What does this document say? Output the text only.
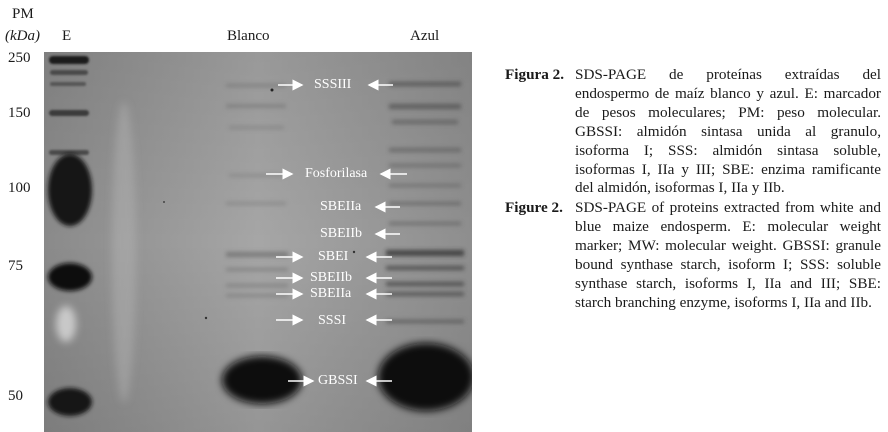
PM
(kDa) E	Blanco	Azul
250
150
100
75
50
SSSIII
Fosforilasa
SBEIIa
SBEIIb
SBEI
SBEIIb
SBEIIa
SSSI
GBSSI
Figura 2. SDS-PAGE de proteínas extraídas del endospermo de maíz blanco y azul. E: marcador de pesos moleculares; PM: peso molecular. GBSSI: almidón sintasa unida al granulo, isoforma I; SSS: almidón sintasa soluble, isoformas I, IIa y III; SBE: enzima ramificante del almidón, isoformas I, IIa y IIb.
Figure 2. SDS-PAGE of proteins extracted from white and blue maize endosperm. E: molecular weight marker; MW: molecular weight. GBSSI: granule bound synthase starch, isoform I; SSS: soluble synthase starch, isoforms I, IIa and III; SBE: starch branching enzyme, isoforms I, IIa and IIb.
